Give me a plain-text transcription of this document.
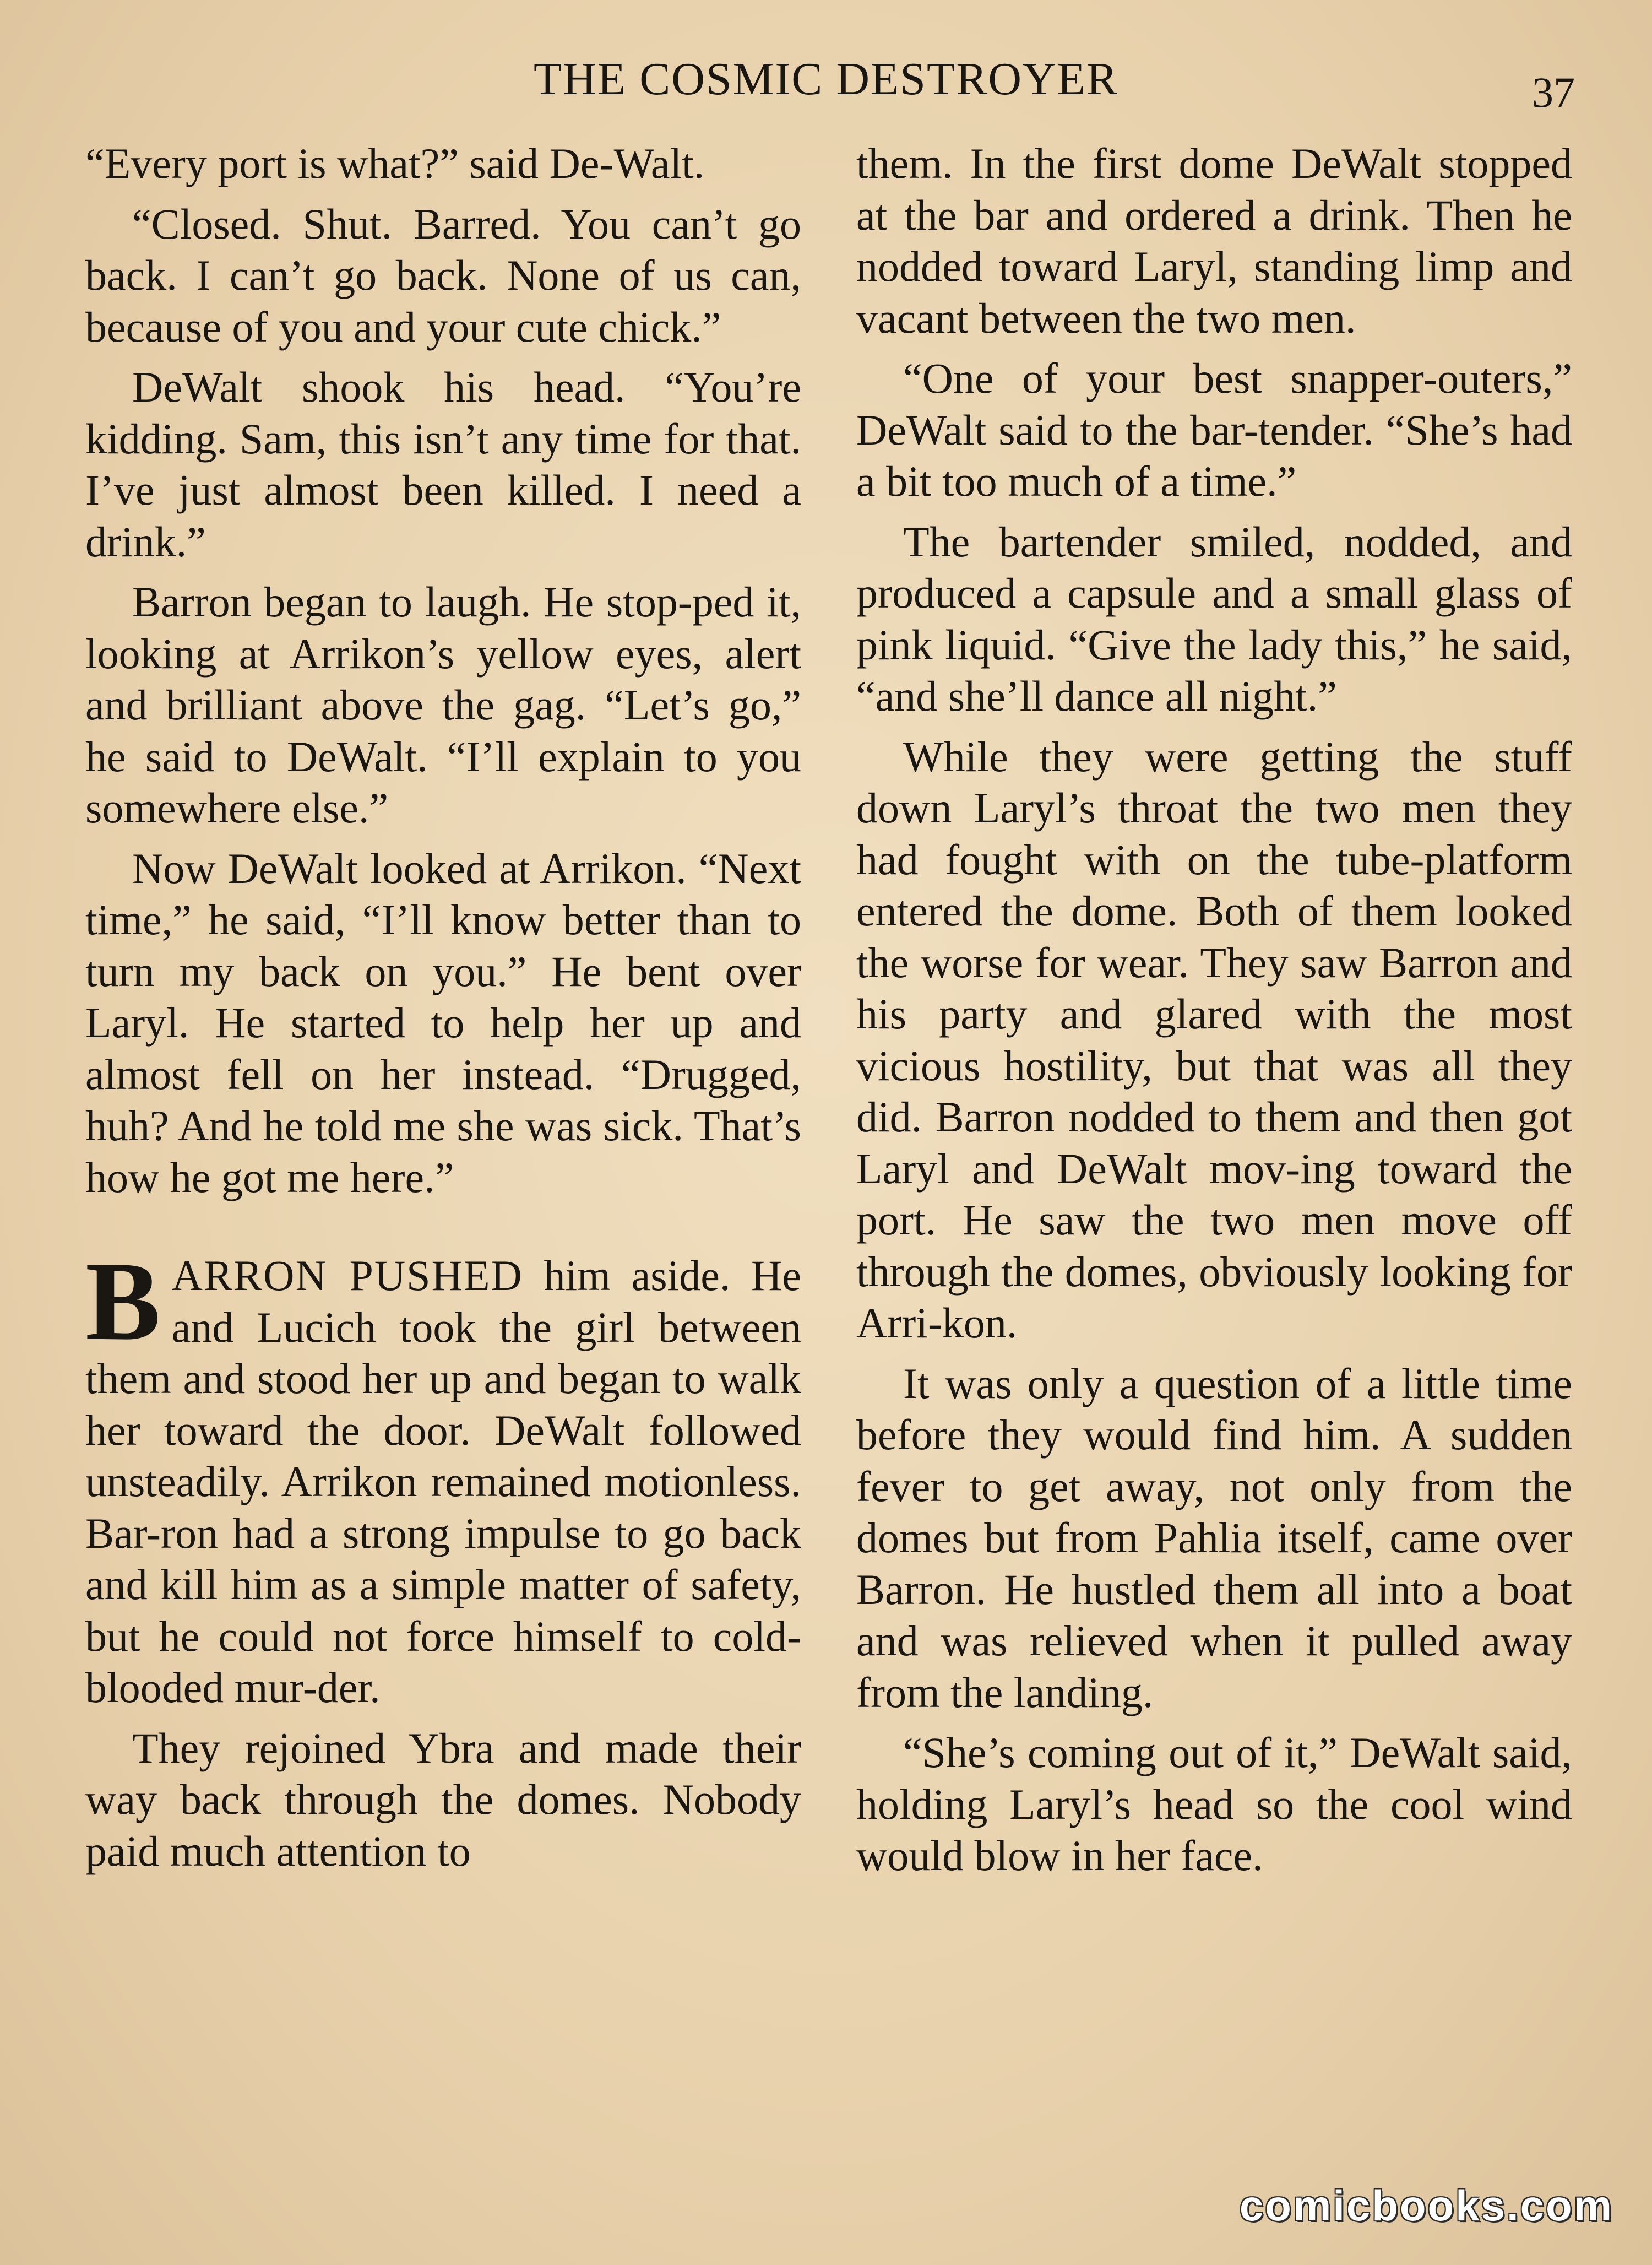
THE COSMIC DESTROYER	37

“Every port is what?” said De-Walt.

“Closed. Shut. Barred. You can’t go back. I can’t go back. None of us can, because of you and your cute chick.”

DeWalt shook his head. “You’re kidding. Sam, this isn’t any time for that. I’ve just almost been killed. I need a drink.”

Barron began to laugh. He stop-ped it, looking at Arrikon’s yellow eyes, alert and brilliant above the gag. “Let’s go,” he said to DeWalt. “I’ll explain to you somewhere else.”

Now DeWalt looked at Arrikon. “Next time,” he said, “I’ll know better than to turn my back on you.” He bent over Laryl. He started to help her up and almost fell on her instead. “Drugged, huh? And he told me she was sick. That’s how he got me here.”

BARRON PUSHED him aside. He and Lucich took the girl between them and stood her up and began to walk her toward the door. DeWalt followed unsteadily. Arrikon remained motionless. Bar-ron had a strong impulse to go back and kill him as a simple matter of safety, but he could not force himself to cold-blooded mur-der.

They rejoined Ybra and made their way back through the domes. Nobody paid much attention to

them. In the first dome DeWalt stopped at the bar and ordered a drink. Then he nodded toward Laryl, standing limp and vacant between the two men.

“One of your best snapper-outers,” DeWalt said to the bar-tender. “She’s had a bit too much of a time.”

The bartender smiled, nodded, and produced a capsule and a small glass of pink liquid. “Give the lady this,” he said, “and she’ll dance all night.”

While they were getting the stuff down Laryl’s throat the two men they had fought with on the tube-platform entered the dome. Both of them looked the worse for wear. They saw Barron and his party and glared with the most vicious hostility, but that was all they did. Barron nodded to them and then got Laryl and DeWalt mov-ing toward the port. He saw the two men move off through the domes, obviously looking for Arri-kon.

It was only a question of a little time before they would find him. A sudden fever to get away, not only from the domes but from Pahlia itself, came over Barron. He hustled them all into a boat and was relieved when it pulled away from the landing.

“She’s coming out of it,” DeWalt said, holding Laryl’s head so the cool wind would blow in her face.

comicbooks.com
